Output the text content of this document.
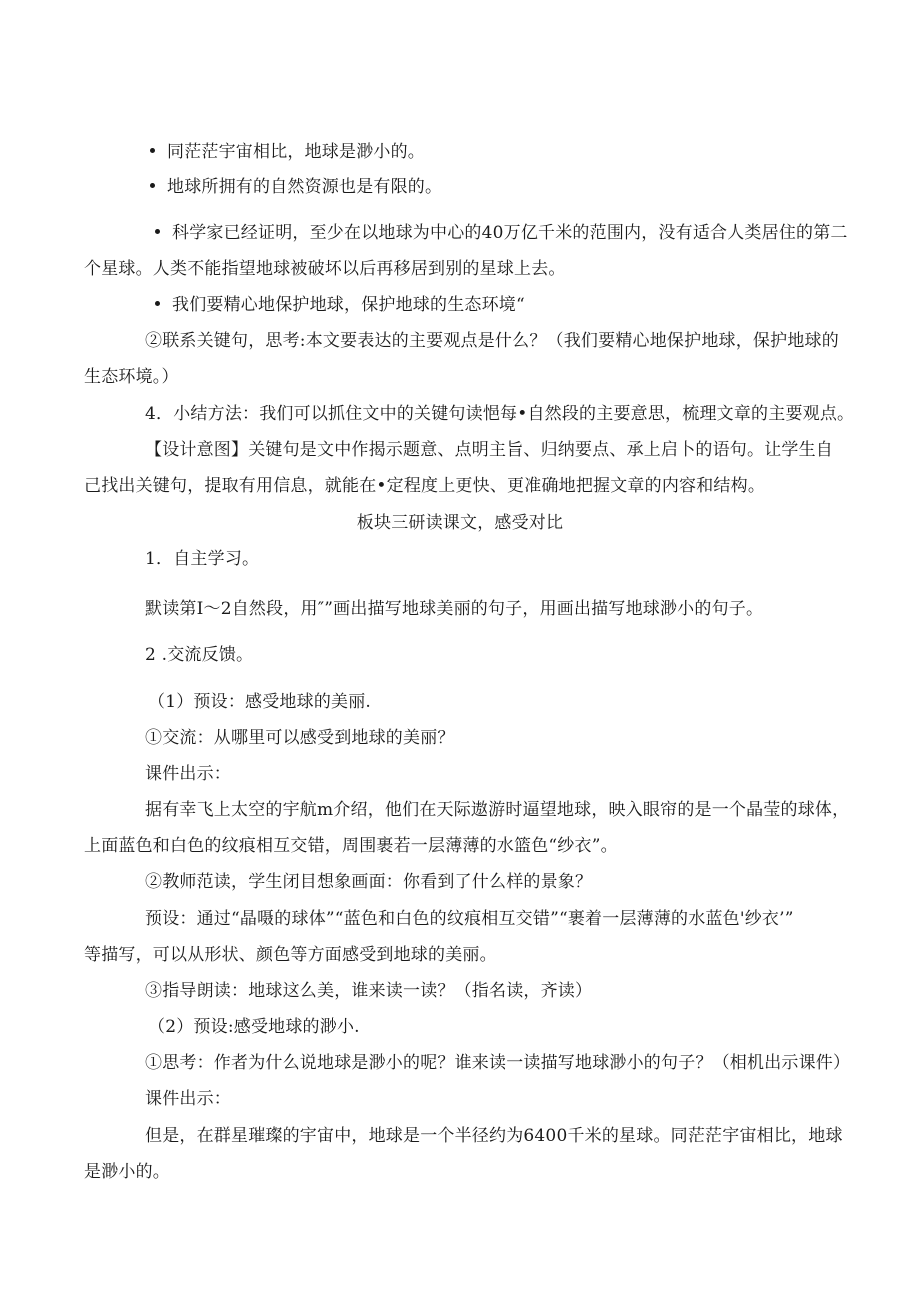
同茫茫宇宙相比，地球是渺小的。
地球所拥有的自然资源也是有限的。
科学家已经证明，至少在以地球为中心的40万亿千米的范围内，没有适合人类居住的第二
个星球。人类不能指望地球被破坏以后再移居到别的星球上去。
我们要精心地保护地球，保护地球的生态环境“
②联系关键句，思考:本文要表达的主要观点是什么？（我们要精心地保护地球，保护地球的
生态环境。）
4．小结方法：我们可以抓住文中的关键句读悒每•自然段的主要意思，梳理文章的主要观点。
【设计意图】关键句是文中作揭示题意、点明主旨、归纳要点、承上启卜的语句。让学生自
己找出关键句，提取有用信息，就能在•定程度上更快、更准确地把握文章的内容和结构。
板块三研读课文，感受对比
1．自主学习。
默读第I～2自然段，用″”画出描写地球美丽的句子，用画出描写地球渺小的句子。
2 .交流反馈。
（1）预设：感受地球的美丽.
①交流：从哪里可以感受到地球的美丽？
课件出示：
据有幸飞上太空的宇航m介绍，他们在天际遨游时逼望地球，映入眼帘的是一个晶莹的球体，
上面蓝色和白色的纹痕相互交错，周围裹若一层薄薄的水篮色“纱衣”。
②教师范读，学生闭目想象画面：你看到了什么样的景象？
预设：通过“晶嗫的球体”“蓝色和白色的纹痕相互交错”“裹着一层薄薄的水蓝色'纱衣’”
等描写，可以从形状、颜色等方面感受到地球的美丽。
③指导朗读：地球这么美，谁来读一读？（指名读，齐读）
（2）预设:感受地球的渺小.
①思考：作者为什么说地球是渺小的呢？谁来读一读描写地球渺小的句子？（相机出示课件）
课件出示：
但是，在群星璀璨的宇宙中，地球是一个半径约为6400千米的星球。同茫茫宇宙相比，地球
是渺小的。
